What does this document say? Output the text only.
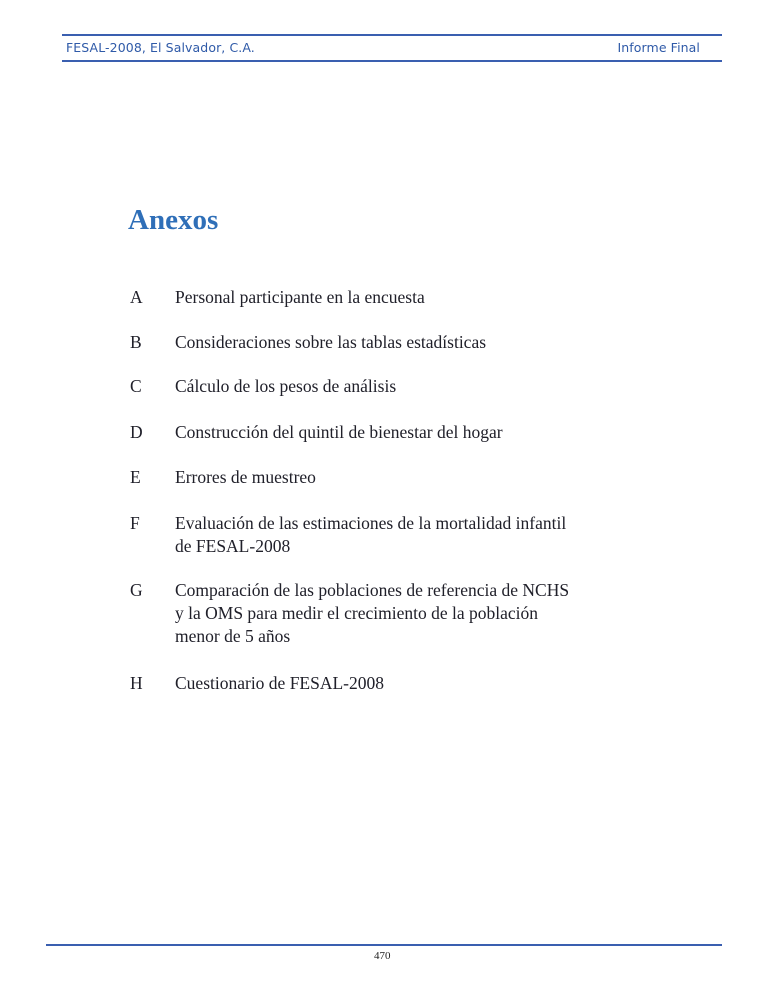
FESAL-2008, El Salvador, C.A.	Informe Final
Anexos
A	Personal participante en la encuesta
B	Consideraciones sobre las tablas estadísticas
C	Cálculo de los pesos de análisis
D	Construcción del quintil de bienestar del hogar
E	Errores de muestreo
F	Evaluación de las estimaciones de la mortalidad infantil
de FESAL-2008
G	Comparación de las poblaciones de referencia de NCHS
y la OMS para medir el crecimiento de la población
menor de 5 años
H	Cuestionario de FESAL-2008
470
